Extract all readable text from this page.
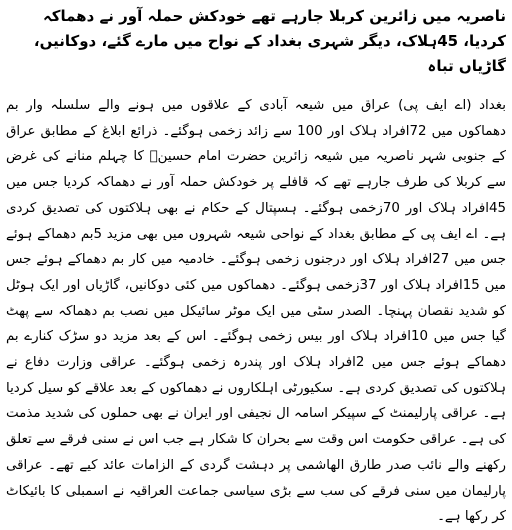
ناصریہ میں زائرین کربلا جارہے تھے خودکش حملہ آور نے دھماکہ کردیا، 45ہلاک، دیگر شہری بغداد کے نواح میں مارے گئے، دوکانیں، گاڑیاں تباہ

بغداد (اے ایف پی) عراق میں شیعہ آبادی کے علاقوں میں ہونے والے سلسلہ وار بم دھماکوں میں 72افراد ہلاک اور 100 سے زائد زخمی ہوگئے۔ ذرائع ابلاغ کے مطابق عراق کے جنوبی شہر ناصریہ میں شیعہ زائرین حضرت امام حسینؓ کا چہلم منانے کی غرض سے کربلا کی طرف جارہے تھے کہ قافلے پر خودکش حملہ آور نے دھماکہ کردیا جس میں 45افراد ہلاک اور 70زخمی ہوگئے۔ ہسپتال کے حکام نے بھی ہلاکتوں کی تصدیق کردی ہے۔ اے ایف پی کے مطابق بغداد کے نواحی شیعہ شہروں میں بھی مزید 5بم دھماکے ہوئے جس میں 27افراد ہلاک اور درجنوں زخمی ہوگئے۔ خادمیہ میں کار بم دھماکے ہوئے جس میں 15افراد ہلاک اور 37زخمی ہوگئے۔ دھماکوں میں کئی دوکانیں، گاڑیاں اور ایک ہوٹل کو شدید نقصان پہنچا۔ الصدر سٹی میں ایک موٹر سائیکل میں نصب بم دھماکہ سے پھٹ گیا جس میں 10افراد ہلاک اور بیس زخمی ہوگئے۔ اس کے بعد مزید دو سڑک کنارے بم دھماکے ہوئے جس میں 2افراد ہلاک اور پندرہ زخمی ہوگئے۔ عراقی وزارت دفاع نے ہلاکتوں کی تصدیق کردی ہے۔ سکیورٹی اہلکاروں نے دھماکوں کے بعد علاقے کو سیل کردیا ہے۔ عراقی پارلیمنٹ کے سپیکر اسامہ ال نجیفی اور ایران نے بھی حملوں کی شدید مذمت کی ہے۔ عراقی حکومت اس وقت سے بحران کا شکار ہے جب اس نے سنی فرقے سے تعلق رکھنے والے نائب صدر طارق الھاشمی پر دہشت گردی کے الزامات عائد کیے تھے۔ عراقی پارلیمان میں سنی فرقے کی سب سے بڑی سیاسی جماعت العراقیہ نے اسمبلی کا بائیکاٹ کر رکھا ہے۔
